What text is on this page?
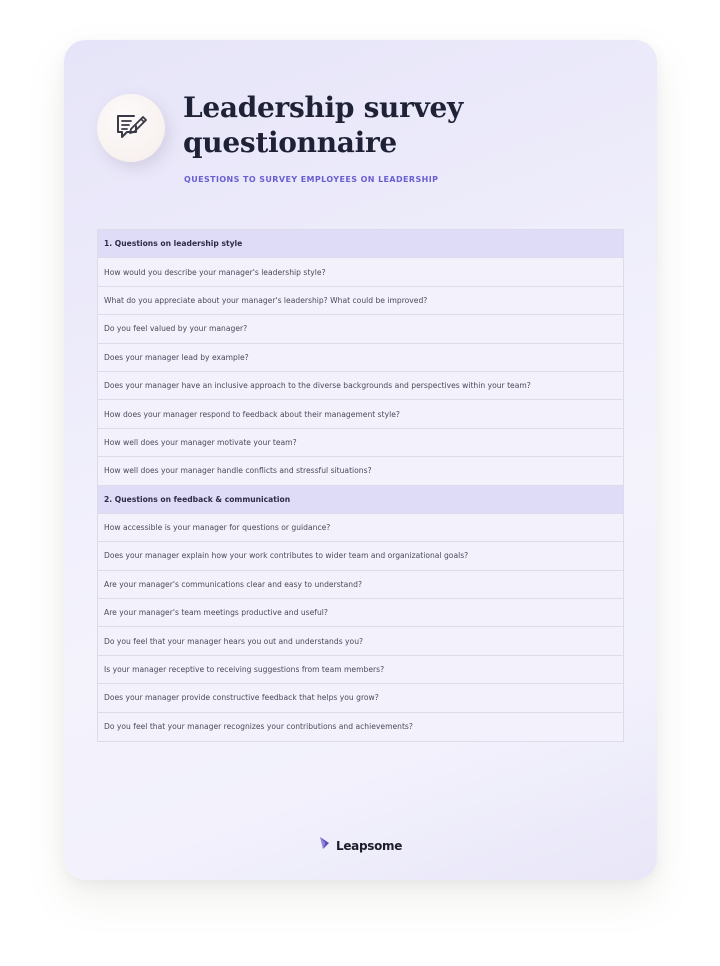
Leadership survey questionnaire
QUESTIONS TO SURVEY EMPLOYEES ON LEADERSHIP
1. Questions on leadership style
How would you describe your manager's leadership style?
What do you appreciate about your manager's leadership? What could be improved?
Do you feel valued by your manager?
Does your manager lead by example?
Does your manager have an inclusive approach to the diverse backgrounds and perspectives within your team?
How does your manager respond to feedback about their management style?
How well does your manager motivate your team?
How well does your manager handle conflicts and stressful situations?
2. Questions on feedback & communication
How accessible is your manager for questions or guidance?
Does your manager explain how your work contributes to wider team and organizational goals?
Are your manager's communications clear and easy to understand?
Are your manager's team meetings productive and useful?
Do you feel that your manager hears you out and understands you?
Is your manager receptive to receiving suggestions from team members?
Does your manager provide constructive feedback that helps you grow?
Do you feel that your manager recognizes your contributions and achievements?
Leapsome
